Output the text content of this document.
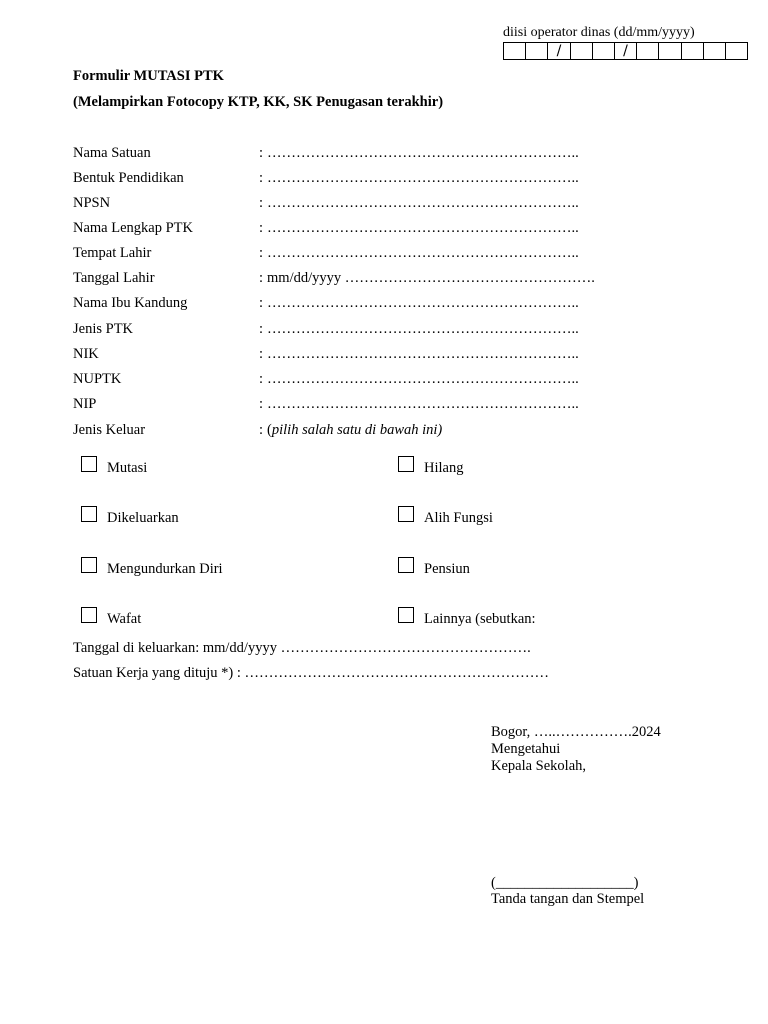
diisi operator dinas (dd/mm/yyyy)
/	/
Formulir MUTASI PTK
(Melampirkan Fotocopy KTP, KK, SK Penugasan terakhir)
Nama Satuan	: ………………………………………………………..
Bentuk Pendidikan	: ………………………………………………………..
NPSN	: ………………………………………………………..
Nama Lengkap PTK	: ………………………………………………………..
Tempat Lahir	: ………………………………………………………..
Tanggal Lahir	: mm/dd/yyyy …………………………………………….
Nama Ibu Kandung	: ………………………………………………………..
Jenis PTK	: ………………………………………………………..
NIK	: ………………………………………………………..
NUPTK	: ………………………………………………………..
NIP	: ………………………………………………………..
Jenis Keluar	: (pilih salah satu di bawah ini)
Mutasi	Hilang
Dikeluarkan	Alih Fungsi
Mengundurkan Diri	Pensiun
Wafat	Lainnya (sebutkan:
Tanggal di keluarkan: mm/dd/yyyy …………………………………………….
Satuan Kerja yang dituju *) : ………………………………………………………
Bogor, …..…………….2024
Mengetahui
Kepala Sekolah,
(___________________)
Tanda tangan dan Stempel
